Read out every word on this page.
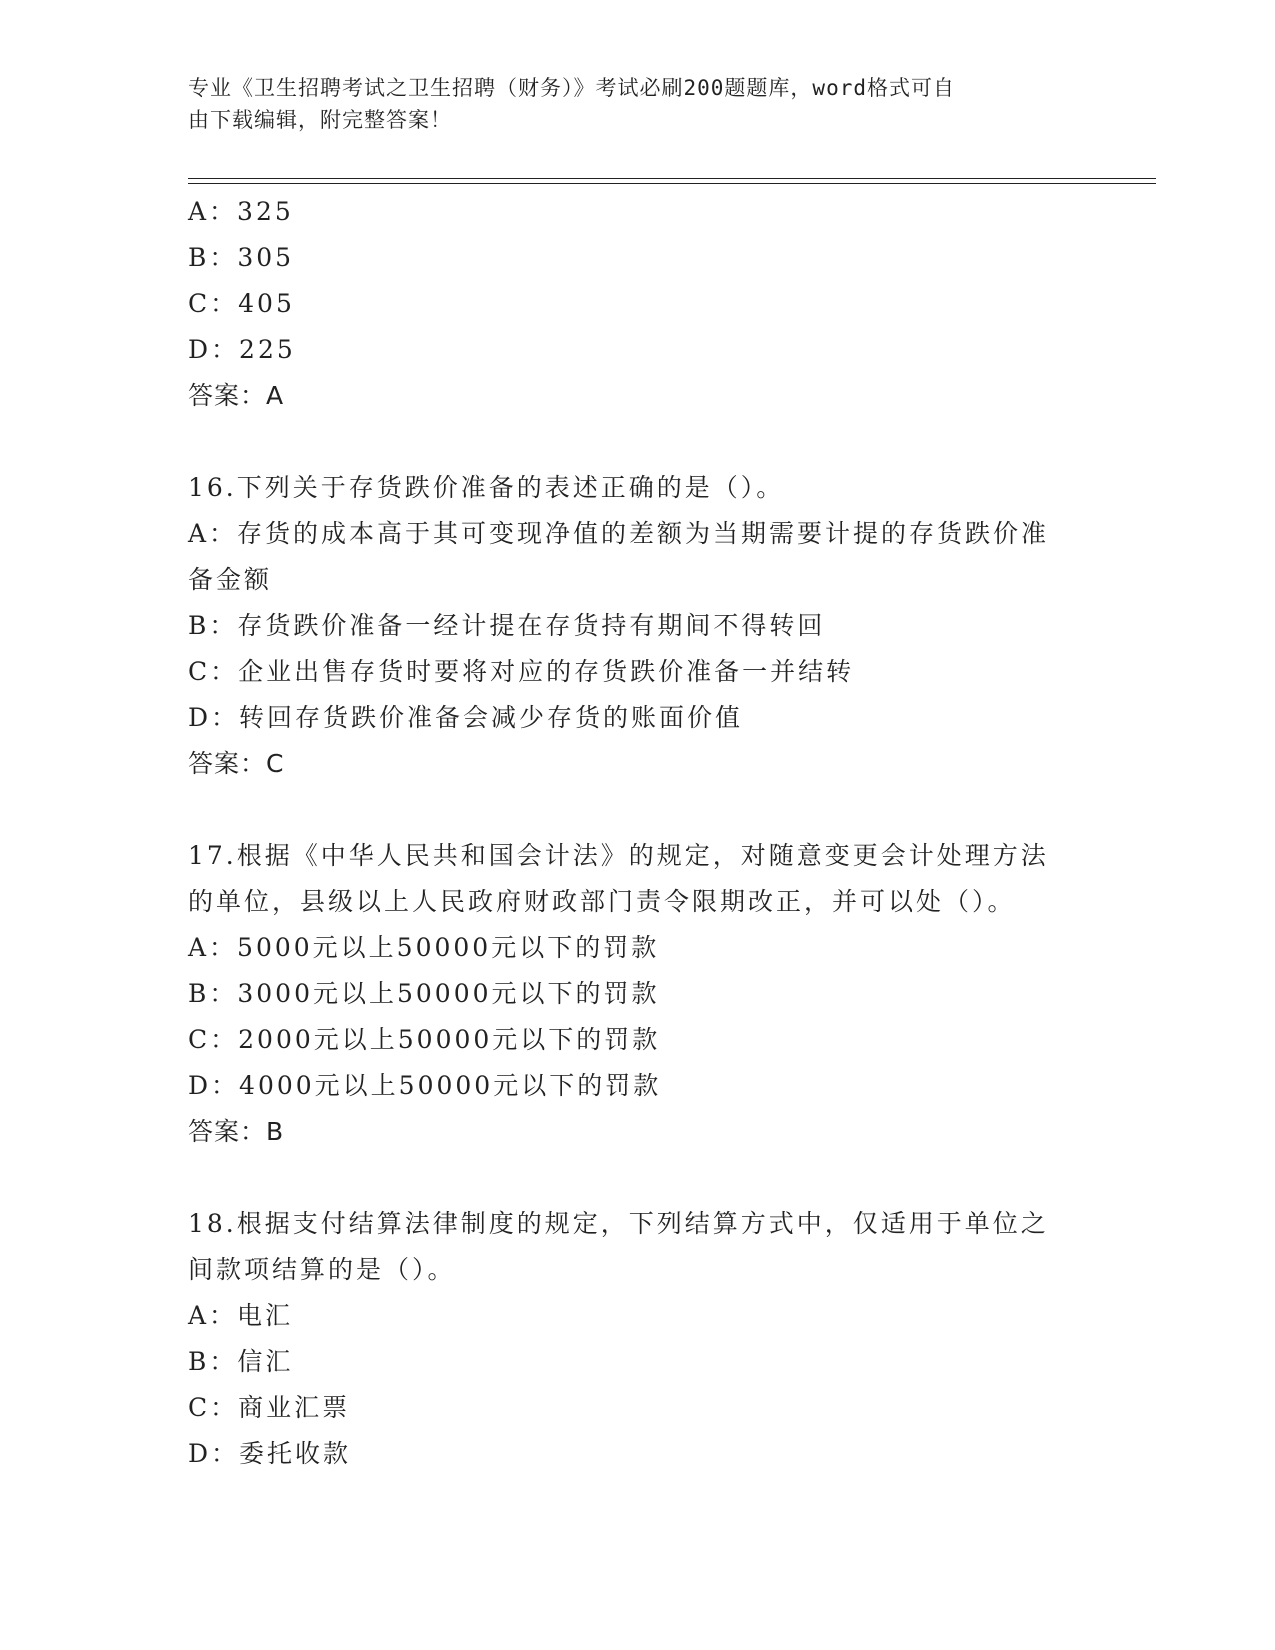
专业《卫生招聘考试之卫生招聘（财务）》考试必刷200题题库，word格式可自
由下载编辑，附完整答案！
A：325
B：305
C：405
D：225
答案：A
16.下列关于存货跌价准备的表述正确的是（）。
A：存货的成本高于其可变现净值的差额为当期需要计提的存货跌价准
备金额
B：存货跌价准备一经计提在存货持有期间不得转回
C：企业出售存货时要将对应的存货跌价准备一并结转
D：转回存货跌价准备会减少存货的账面价值
答案：C
17.根据《中华人民共和国会计法》的规定，对随意变更会计处理方法
的单位，县级以上人民政府财政部门责令限期改正，并可以处（）。
A：5000元以上50000元以下的罚款
B：3000元以上50000元以下的罚款
C：2000元以上50000元以下的罚款
D：4000元以上50000元以下的罚款
答案：B
18.根据支付结算法律制度的规定，下列结算方式中，仅适用于单位之
间款项结算的是（）。
A：电汇
B：信汇
C：商业汇票
D：委托收款
